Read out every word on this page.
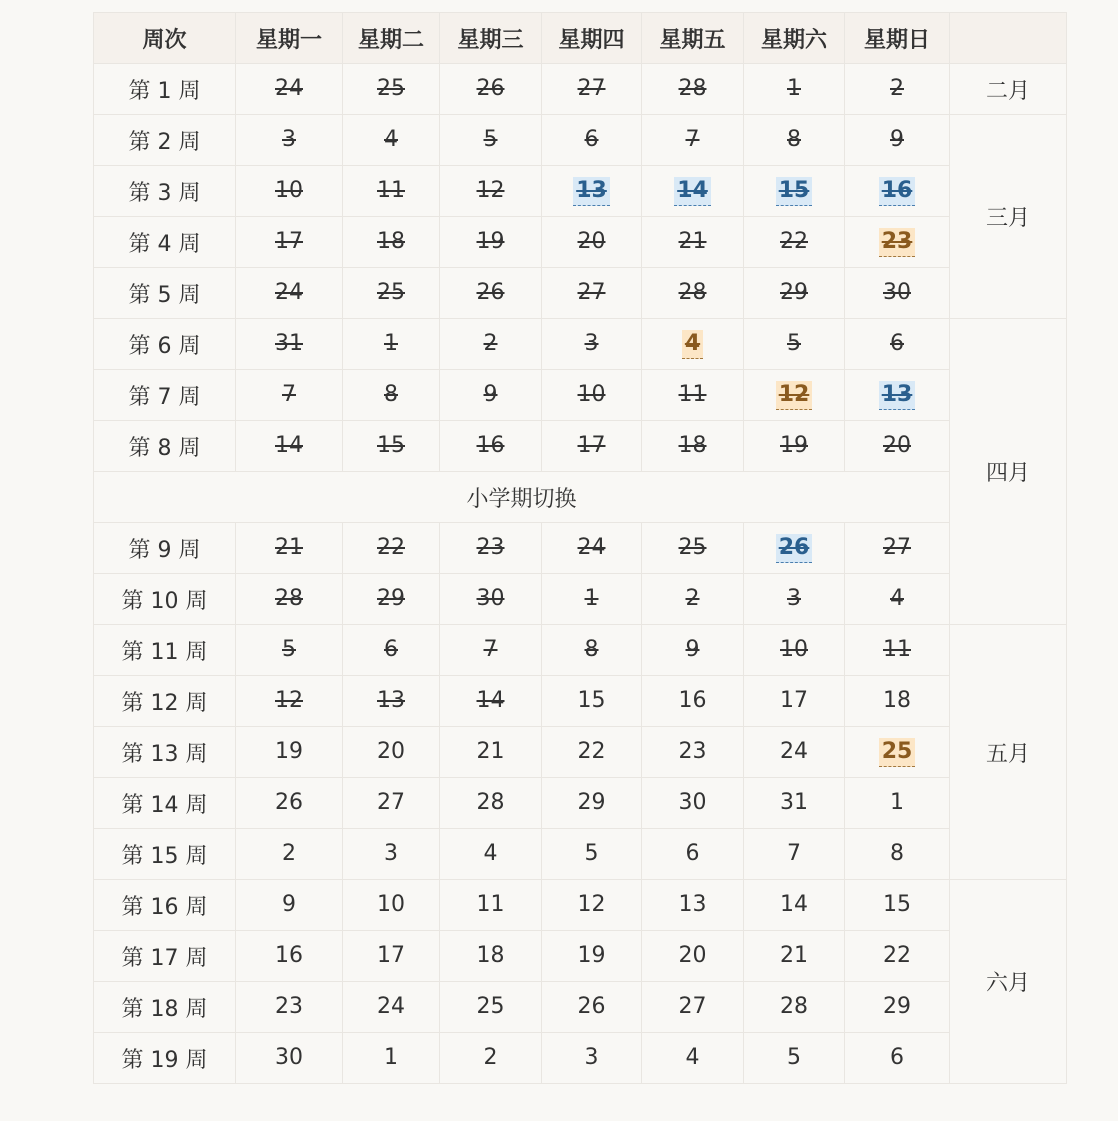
周次	星期一	星期二	星期三	星期四	星期五	星期六	星期日	
第 1 周	24	25	26	27	28	1	2	二月
第 2 周	3	4	5	6	7	8	9	三月
第 3 周	10	11	12	13	14	15	16	
第 4 周	17	18	19	20	21	22	23	
第 5 周	24	25	26	27	28	29	30	
第 6 周	31	1	2	3	4	5	6	四月
第 7 周	7	8	9	10	11	12	13	
第 8 周	14	15	16	17	18	19	20	
小学期切换								
第 9 周	21	22	23	24	25	26	27	
第 10 周	28	29	30	1	2	3	4	
第 11 周	5	6	7	8	9	10	11	五月
第 12 周	12	13	14	15	16	17	18	
第 13 周	19	20	21	22	23	24	25	
第 14 周	26	27	28	29	30	31	1	
第 15 周	2	3	4	5	6	7	8	
第 16 周	9	10	11	12	13	14	15	六月
第 17 周	16	17	18	19	20	21	22	
第 18 周	23	24	25	26	27	28	29	
第 19 周	30	1	2	3	4	5	6	
